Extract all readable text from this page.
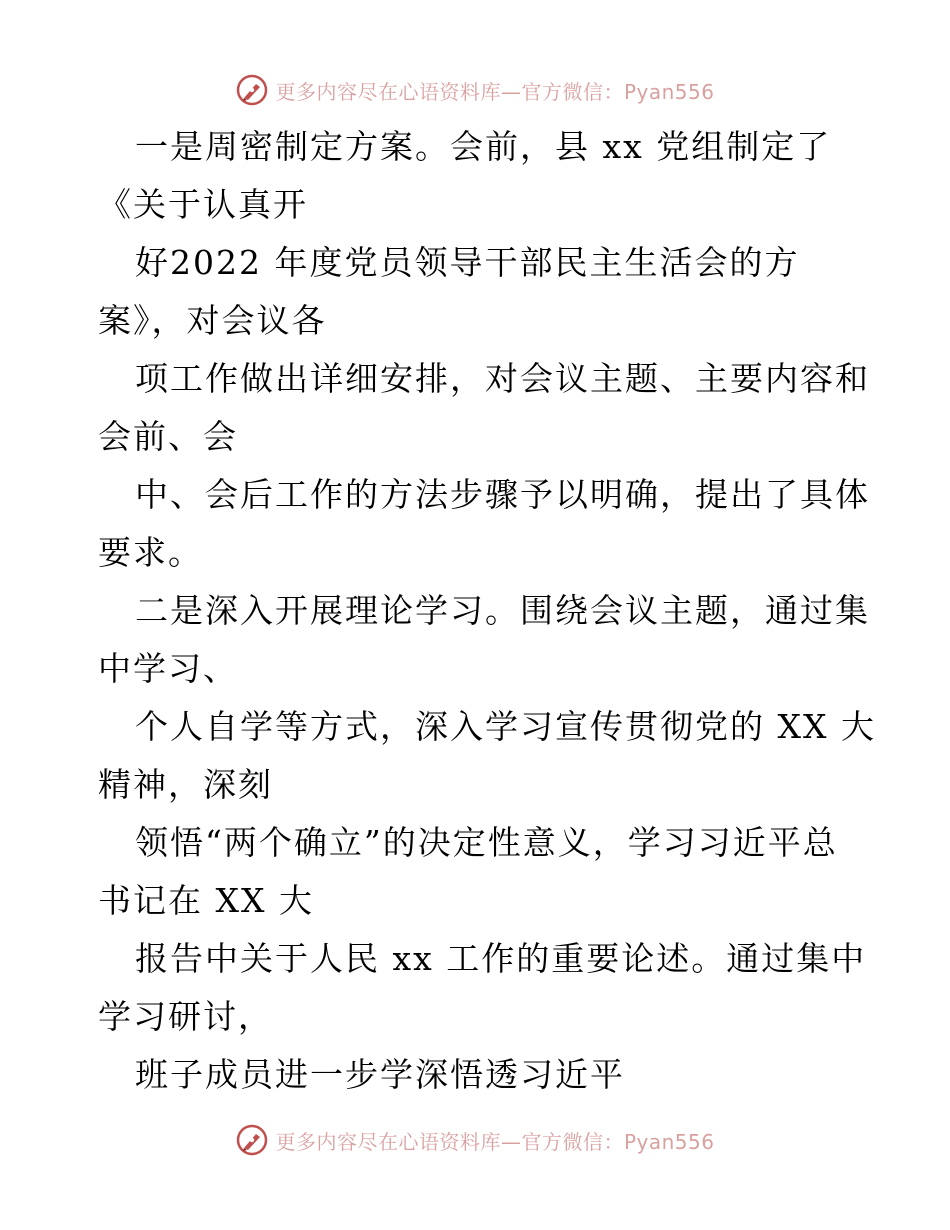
更多内容尽在心语资料库—官方微信：Pyan556
一是周密制定方案。会前，县 xx 党组制定了
《关于认真开
好2022 年度党员领导干部民主生活会的方
案》，对会议各
项工作做出详细安排，对会议主题、主要内容和
会前、会
中、会后工作的方法步骤予以明确，提出了具体
要求。
二是深入开展理论学习。围绕会议主题，通过集
中学习、
个人自学等方式，深入学习宣传贯彻党的 XX 大
精神，深刻
领悟“两个确立”的决定性意义，学习习近平总
书记在 XX 大
报告中关于人民 xx 工作的重要论述。通过集中
学习研讨，
班子成员进一步学深悟透习近平
更多内容尽在心语资料库—官方微信：Pyan556
